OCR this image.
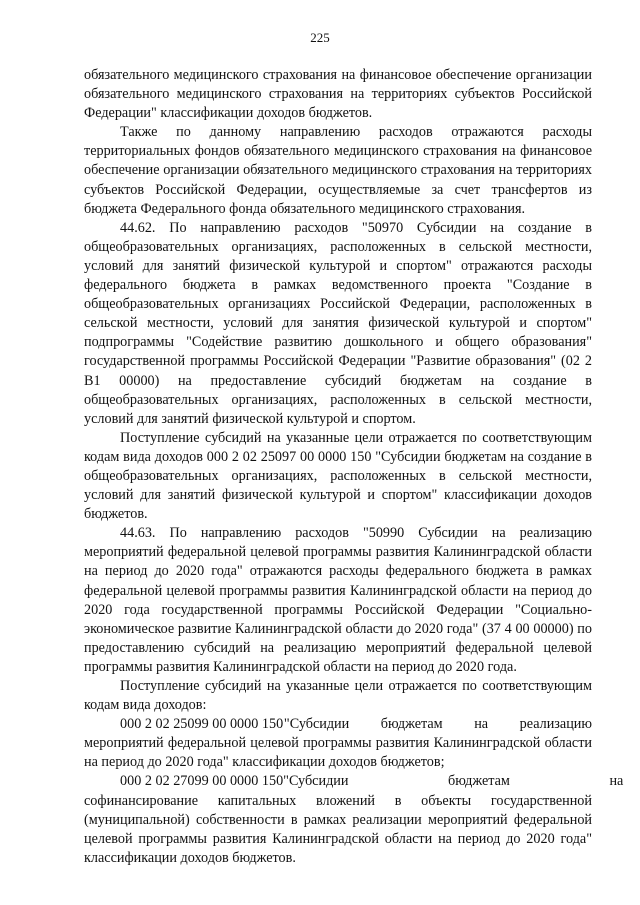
225

обязательного медицинского страхования на финансовое обеспечение организации обязательного медицинского страхования на территориях субъектов Российской Федерации" классификации доходов бюджетов.

Также по данному направлению расходов отражаются расходы территориальных фондов обязательного медицинского страхования на финансовое обеспечение организации обязательного медицинского страхования на территориях субъектов Российской Федерации, осуществляемые за счет трансфертов из бюджета Федерального фонда обязательного медицинского страхования.

44.62. По направлению расходов "50970 Субсидии на создание в общеобразовательных организациях, расположенных в сельской местности, условий для занятий физической культурой и спортом" отражаются расходы федерального бюджета в рамках ведомственного проекта "Создание в общеобразовательных организациях Российской Федерации, расположенных в сельской местности, условий для занятия физической культурой и спортом" подпрограммы "Содействие развитию дошкольного и общего образования" государственной программы Российской Федерации "Развитие образования" (02 2 В1 00000) на предоставление субсидий бюджетам на создание в общеобразовательных организациях, расположенных в сельской местности, условий для занятий физической культурой и спортом.

Поступление субсидий на указанные цели отражается по соответствующим кодам вида доходов 000 2 02 25097 00 0000 150 "Субсидии бюджетам на создание в общеобразовательных организациях, расположенных в сельской местности, условий для занятий физической культурой и спортом" классификации доходов бюджетов.

44.63. По направлению расходов "50990 Субсидии на реализацию мероприятий федеральной целевой программы развития Калининградской области на период до 2020 года" отражаются расходы федерального бюджета в рамках федеральной целевой программы развития Калининградской области на период до 2020 года государственной программы Российской Федерации "Социально-экономическое развитие Калининградской области до 2020 года" (37 4 00 00000) по предоставлению субсидий на реализацию мероприятий федеральной целевой программы развития Калининградской области на период до 2020 года.

Поступление субсидий на указанные цели отражается по соответствующим кодам вида доходов:

000 2 02 25099 00 0000 150 "Субсидии бюджетам на реализацию

мероприятий федеральной целевой программы развития Калининградской области на период до 2020 года" классификации доходов бюджетов;

000 2 02 27099 00 0000 150 "Субсидии бюджетам на

софинансирование капитальных вложений в объекты государственной (муниципальной) собственности в рамках реализации мероприятий федеральной целевой программы развития Калининградской области на период до 2020 года" классификации доходов бюджетов.
